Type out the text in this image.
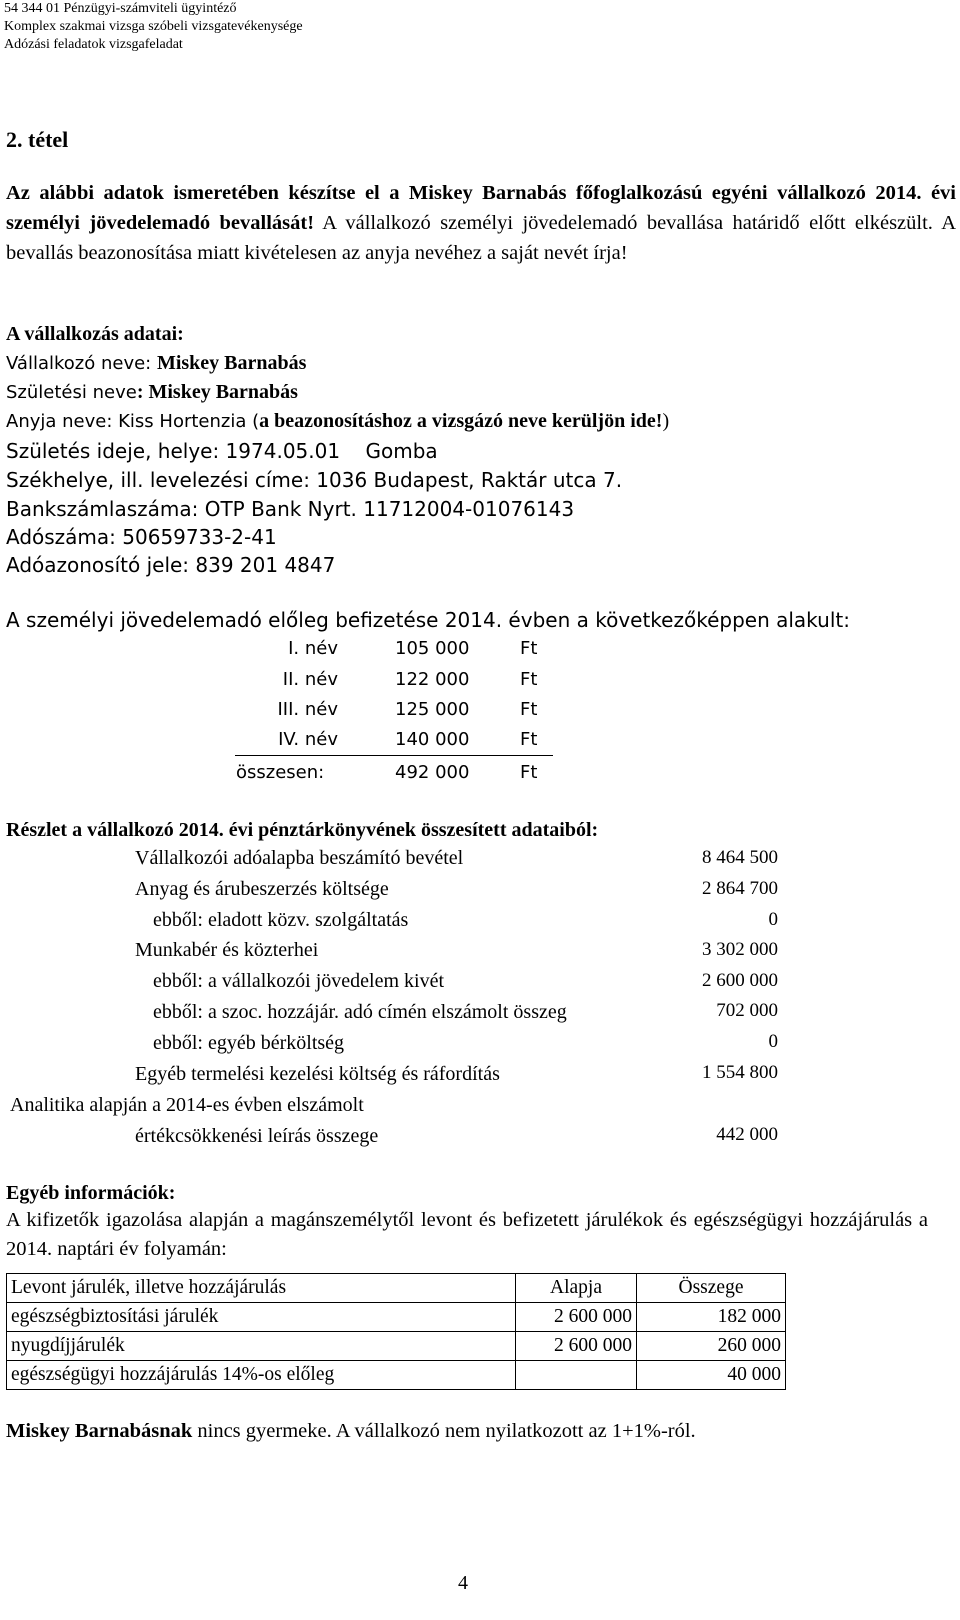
54 344 01 Pénzügyi-számviteli ügyintéző
Komplex szakmai vizsga szóbeli vizsgatevékenysége
Adózási feladatok vizsgafeladat
2. tétel
Az alábbi adatok ismeretében készítse el a Miskey Barnabás főfoglalkozású egyéni vállalkozó 2014. évi személyi jövedelemadó bevallását! A vállalkozó személyi jövedelemadó bevallása határidő előtt elkészült. A bevallás beazonosítása miatt kivételesen az anyja nevéhez a saját nevét írja!
A vállalkozás adatai:
Vállalkozó neve: Miskey Barnabás
Születési neve: Miskey Barnabás
Anyja neve: Kiss Hortenzia (a beazonosításhoz a vizsgázó neve kerüljön ide!)
Születés ideje, helye: 1974.05.01    Gomba
Székhelye, ill. levelezési címe: 1036 Budapest, Raktár utca 7.
Bankszámlaszáma: OTP Bank Nyrt. 11712004-01076143
Adószáma: 50659733-2-41
Adóazonosító jele: 839 201 4847
A személyi jövedelemadó előleg befizetése 2014. évben a következőképpen alakult:
I. név	105 000	Ft
II. név	122 000	Ft
III. név	125 000	Ft
IV. név	140 000	Ft
összesen:	492 000	Ft
Részlet a vállalkozó 2014. évi pénztárkönyvének összesített adataiból:
Vállalkozói adóalapba beszámító bevétel	8 464 500
Anyag és árubeszerzés költsége	2 864 700
ebből: eladott közv. szolgáltatás	0
Munkabér és közterhei	3 302 000
ebből: a vállalkozói jövedelem kivét	2 600 000
ebből: a szoc. hozzájár. adó címén elszámolt összeg	702 000
ebből: egyéb bérköltség	0
Egyéb termelési kezelési költség és ráfordítás	1 554 800
Analitika alapján a 2014-es évben elszámolt
értékcsökkenési leírás összege	442 000
Egyéb információk:
A kifizetők igazolása alapján a magánszemélytől levont és befizetett járulékok és egészségügyi hozzájárulás a 2014. naptári év folyamán:
Levont járulék, illetve hozzájárulás	Alapja	Összege
egészségbiztosítási járulék	2 600 000	182 000
nyugdíjjárulék	2 600 000	260 000
egészségügyi hozzájárulás 14%-os előleg		40 000
Miskey Barnabásnak nincs gyermeke. A vállalkozó nem nyilatkozott az 1+1%-ról.
4
